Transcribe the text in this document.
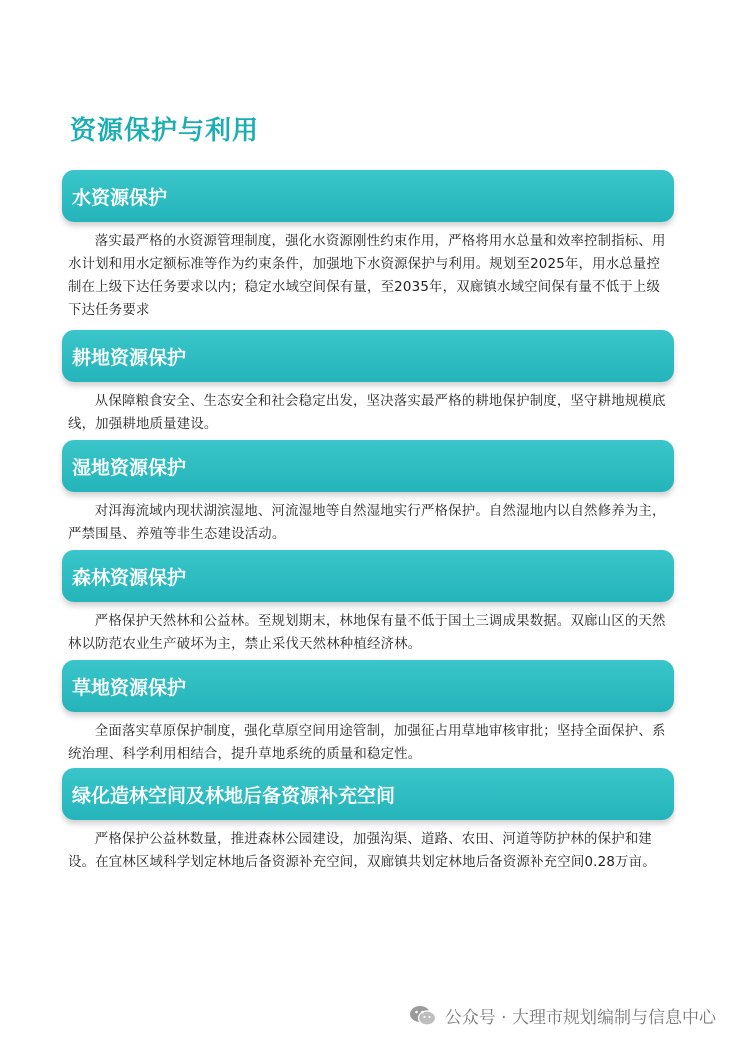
资源保护与利用
水资源保护
落实最严格的水资源管理制度，强化水资源刚性约束作用，严格将用水总量和效率控制指标、用水计划和用水定额标准等作为约束条件，加强地下水资源保护与利用。规划至2025年，用水总量控制在上级下达任务要求以内；稳定水域空间保有量，至2035年，双廊镇水域空间保有量不低于上级下达任务要求
耕地资源保护
从保障粮食安全、生态安全和社会稳定出发，坚决落实最严格的耕地保护制度，坚守耕地规模底线，加强耕地质量建设。
湿地资源保护
对洱海流域内现状湖滨湿地、河流湿地等自然湿地实行严格保护。自然湿地内以自然修养为主，严禁围垦、养殖等非生态建设活动。
森林资源保护
严格保护天然林和公益林。至规划期末，林地保有量不低于国土三调成果数据。双廊山区的天然林以防范农业生产破坏为主，禁止采伐天然林种植经济林。
草地资源保护
全面落实草原保护制度，强化草原空间用途管制，加强征占用草地审核审批；坚持全面保护、系统治理、科学利用相结合，提升草地系统的质量和稳定性。
绿化造林空间及林地后备资源补充空间
严格保护公益林数量，推进森林公园建设，加强沟渠、道路、农田、河道等防护林的保护和建设。在宜林区域科学划定林地后备资源补充空间，双廊镇共划定林地后备资源补充空间0.28万亩。
公众号 · 大理市规划编制与信息中心
